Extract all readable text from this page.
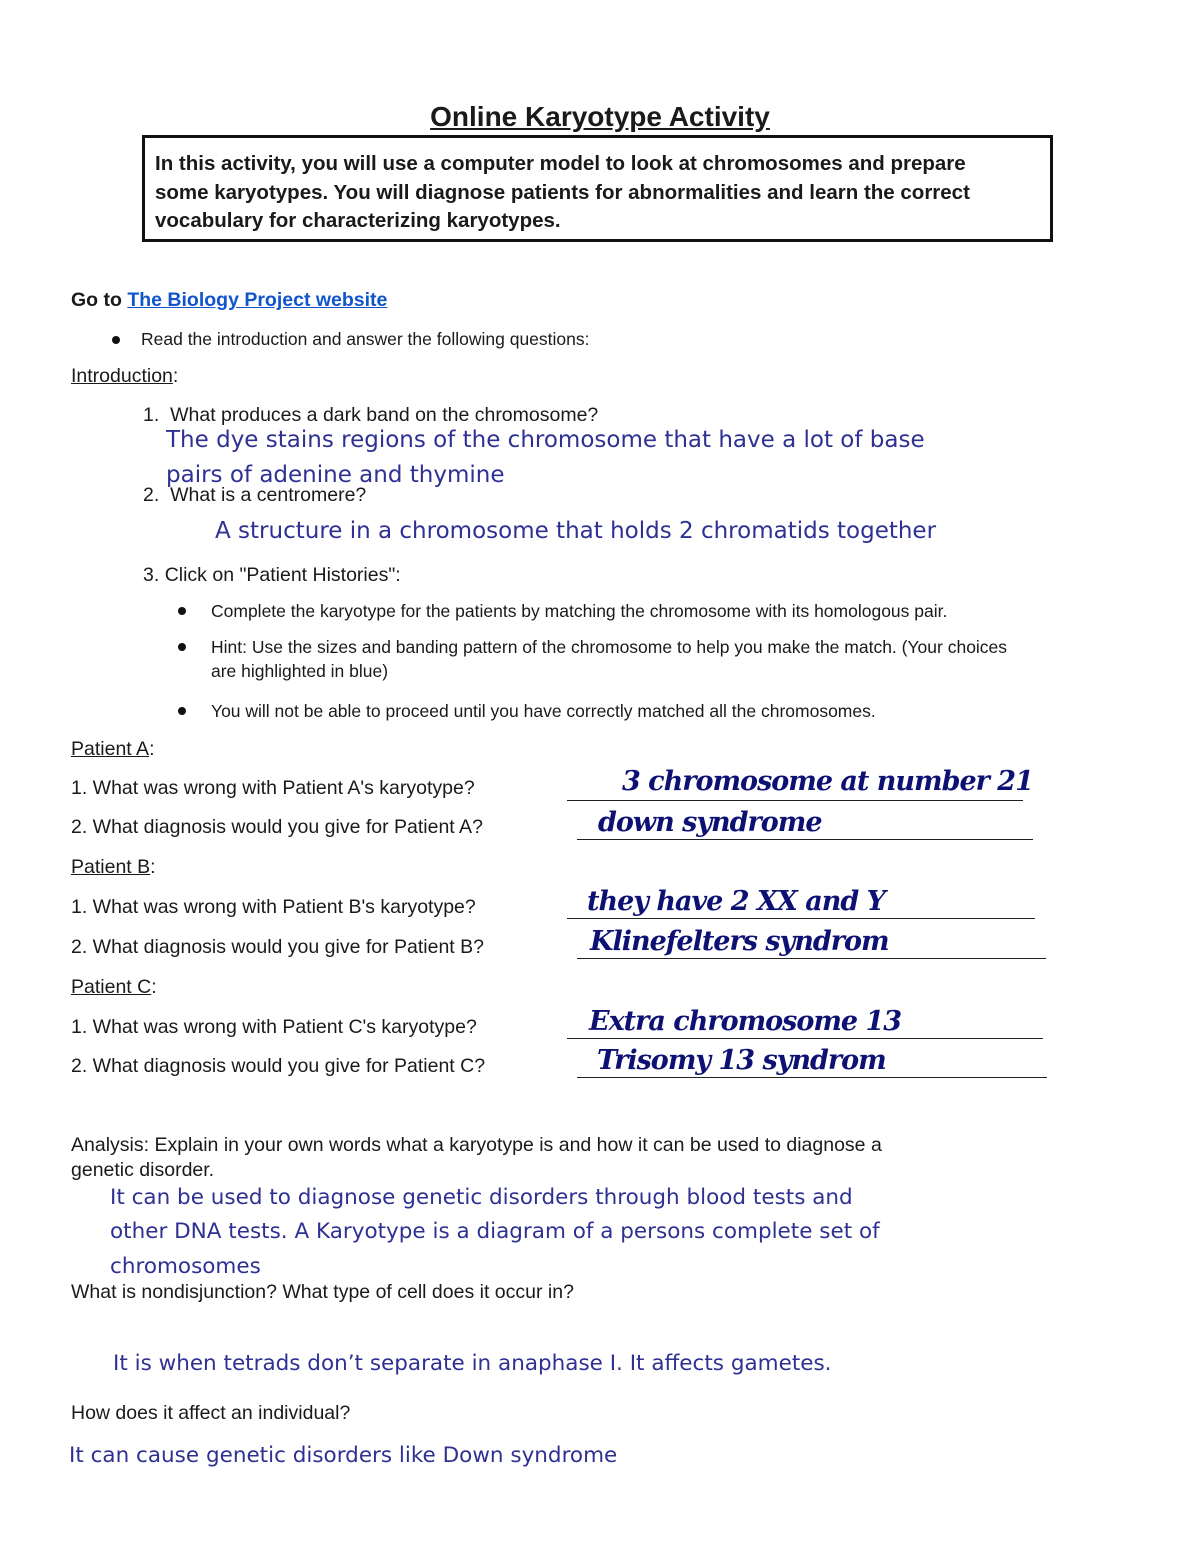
Online Karyotype Activity
In this activity, you will use a computer model to look at chromosomes and prepare some karyotypes. You will diagnose patients for abnormalities and learn the correct vocabulary for characterizing karyotypes.
Go to The Biology Project website
Read the introduction and answer the following questions:
Introduction:
1.  What produces a dark band on the chromosome?
The dye stains regions of the chromosome that have a lot of base
pairs of adenine and thymine
2.  What is a centromere?
A structure in a chromosome that holds 2 chromatids together
3. Click on "Patient Histories":
Complete the karyotype for the patients by matching the chromosome with its homologous pair.
Hint: Use the sizes and banding pattern of the chromosome to help you make the match. (Your choices
are highlighted in blue)
You will not be able to proceed until you have correctly matched all the chromosomes.
Patient A:
1. What was wrong with Patient A's karyotype?	3 chromosome at number 21
2. What diagnosis would you give for Patient A?	down syndrome
Patient B:
1. What was wrong with Patient B's karyotype?	they have 2 XX and Y
2. What diagnosis would you give for Patient B?	Klinefelters syndrom
Patient C:
1. What was wrong with Patient C's karyotype?	Extra chromosome 13
2. What diagnosis would you give for Patient C?	Trisomy 13 syndrom
Analysis: Explain in your own words what a karyotype is and how it can be used to diagnose a
genetic disorder.
It can be used to diagnose genetic disorders through blood tests and
other DNA tests. A Karyotype is a diagram of a persons complete set of
chromosomes
What is nondisjunction? What type of cell does it occur in?
It is when tetrads don’t separate in anaphase I. It affects gametes.
How does it affect an individual?
It can cause genetic disorders like Down syndrome
